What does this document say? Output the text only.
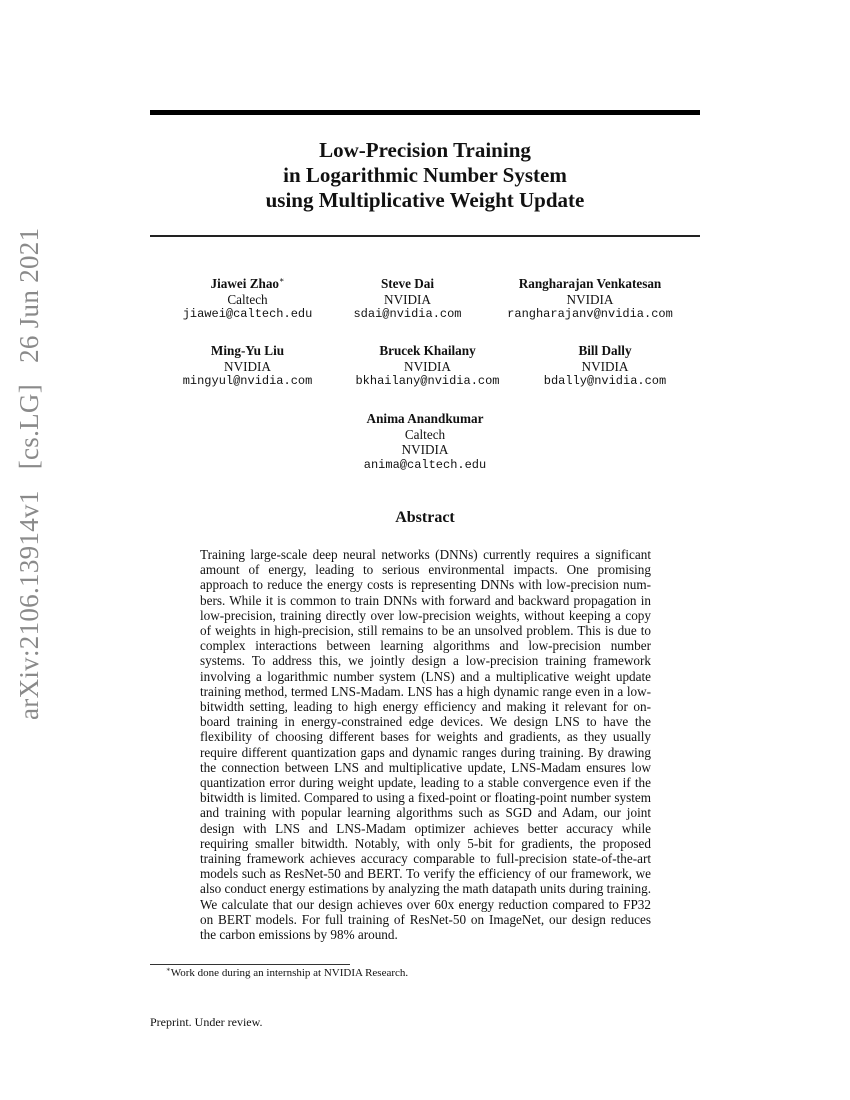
Low-Precision Training
in Logarithmic Number System
using Multiplicative Weight Update
arXiv:2106.13914v1 [cs.LG] 26 Jun 2021	Jiawei Zhao∗
Caltech
jiawei@caltech.edu
Steve Dai
NVIDIA
sdai@nvidia.com
Rangharajan Venkatesan
NVIDIA
rangharajanv@nvidia.com
Ming-Yu Liu
NVIDIA
mingyul@nvidia.com
Brucek Khailany
NVIDIA
bkhailany@nvidia.com
Bill Dally
NVIDIA
bdally@nvidia.com
Anima Anandkumar
Caltech
NVIDIA
anima@caltech.edu
Abstract
Training large-scale deep neural networks (DNNs) currently requires a significant amount of energy, leading to serious environmental impacts. One promising approach to reduce the energy costs is representing DNNs with low-precision numbers. While it is common to train DNNs with forward and backward propagation in low-precision, training directly over low-precision weights, without keeping a copy of weights in high-precision, still remains to be an unsolved problem. This is due to complex interactions between learning algorithms and low-precision number systems. To address this, we jointly design a low-precision training framework involving a logarithmic number system (LNS) and a multiplicative weight update training method, termed LNS-Madam. LNS has a high dynamic range even in a low-bitwidth setting, leading to high energy efficiency and making it relevant for on-board training in energy-constrained edge devices. We design LNS to have the flexibility of choosing different bases for weights and gradients, as they usually require different quantization gaps and dynamic ranges during training. By drawing the connection between LNS and multiplicative update, LNS-Madam ensures low quantization error during weight update, leading to a stable convergence even if the bitwidth is limited. Compared to using a fixed-point or floating-point number system and training with popular learning algorithms such as SGD and Adam, our joint design with LNS and LNS-Madam optimizer achieves better accuracy while requiring smaller bitwidth. Notably, with only 5-bit for gradients, the proposed training framework achieves accuracy comparable to full-precision state-of-the-art models such as ResNet-50 and BERT. To verify the efficiency of our framework, we also conduct energy estimations by analyzing the math datapath units during training. We calculate that our design achieves over 60x energy reduction compared to FP32 on BERT models. For full training of ResNet-50 on ImageNet, our design reduces the carbon emissions by 98% around.
∗Work done during an internship at NVIDIA Research.
Preprint. Under review.
